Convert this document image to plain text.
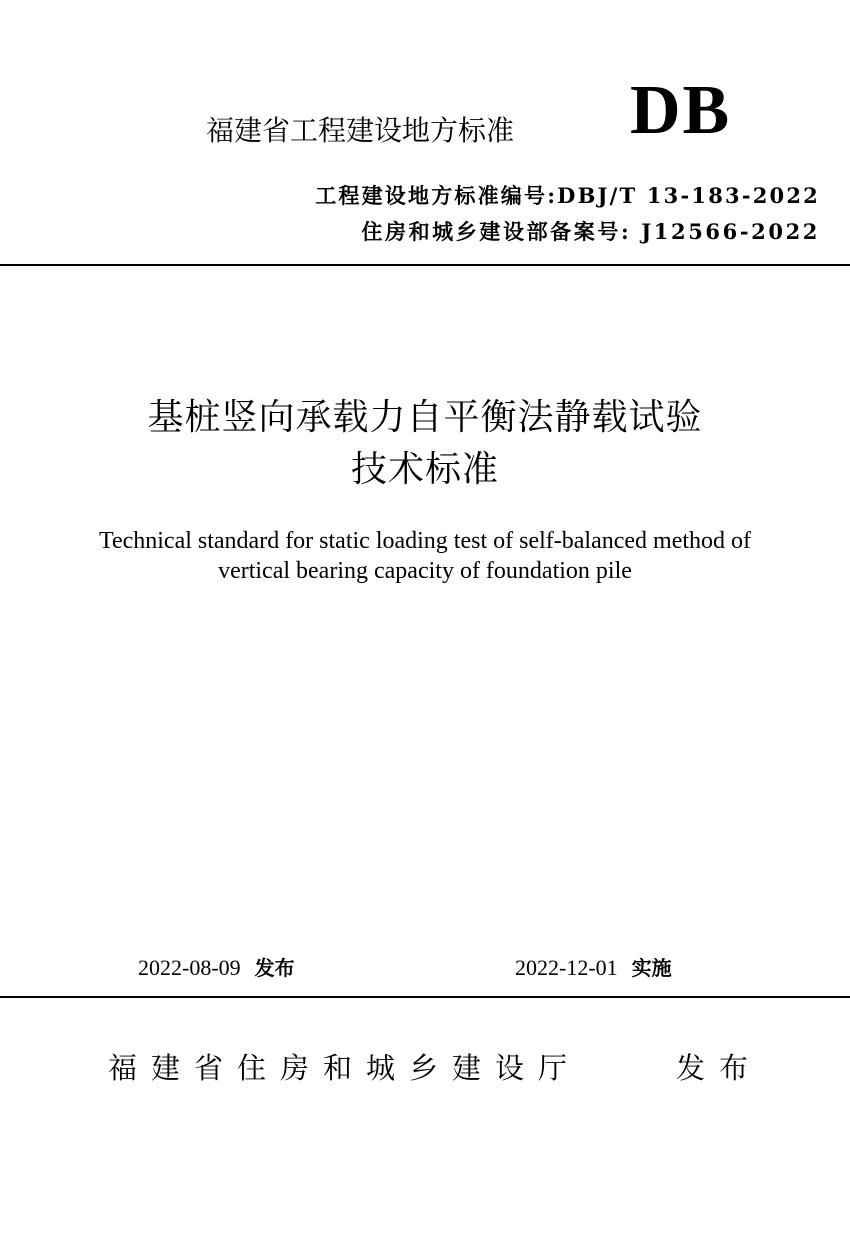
福建省工程建设地方标准 DB
工程建设地方标准编号:DBJ/T 13-183-2022
住房和城乡建设部备案号: J12566-2022
基桩竖向承载力自平衡法静载试验
技术标准
Technical standard for static loading test of self-balanced method of
vertical bearing capacity of foundation pile
2022-08-09 发布	2022-12-01 实施
福建省住房和城乡建设厅	发布
